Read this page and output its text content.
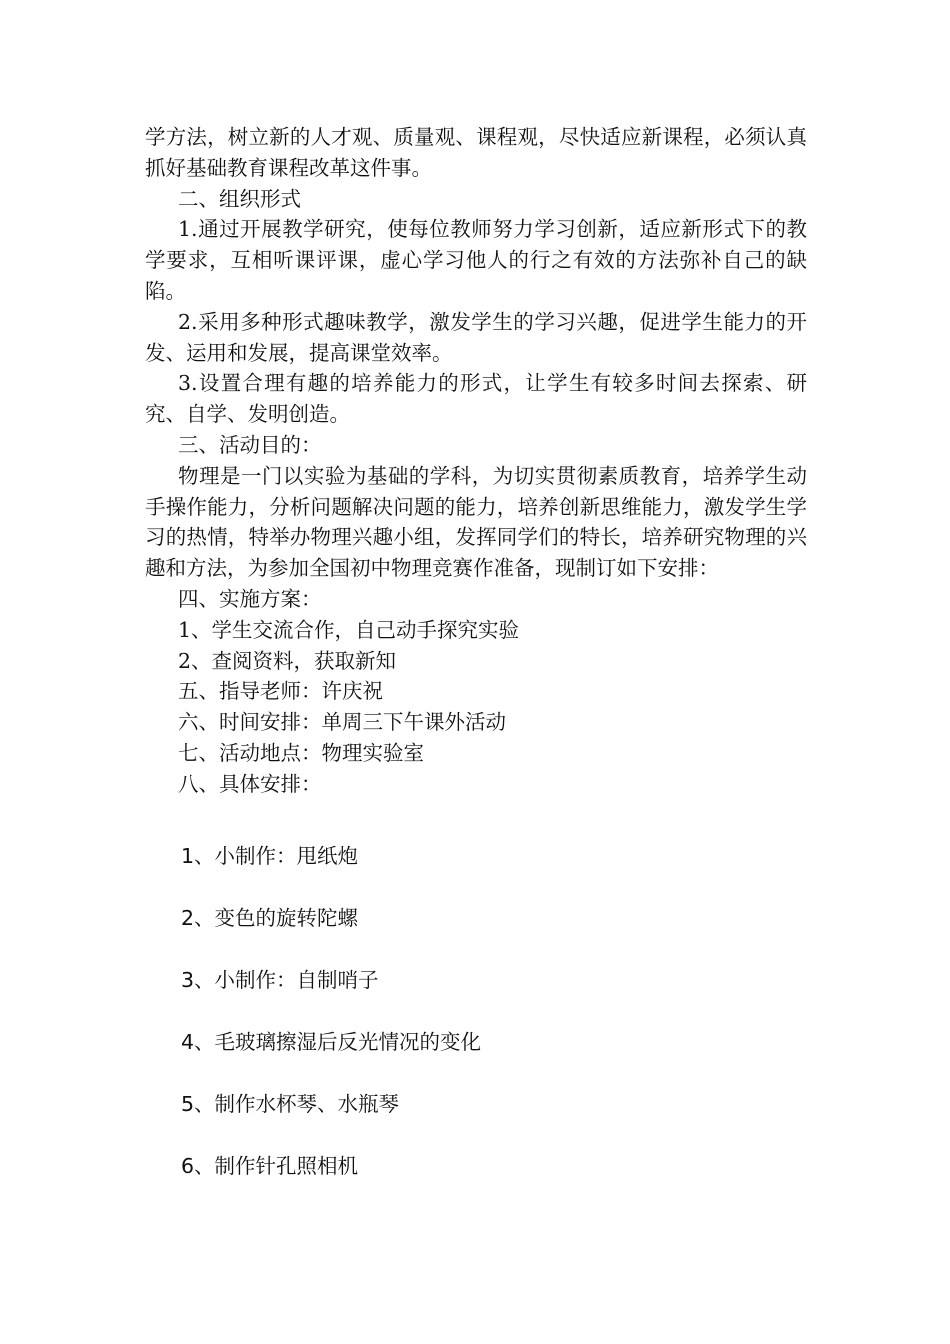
学方法，树立新的人才观、质量观、课程观，尽快适应新课程，必须认真抓好基础教育课程改革这件事。

二、组织形式

1.通过开展教学研究，使每位教师努力学习创新，适应新形式下的教学要求，互相听课评课，虚心学习他人的行之有效的方法弥补自己的缺陷。

2.采用多种形式趣味教学，激发学生的学习兴趣，促进学生能力的开发、运用和发展，提高课堂效率。

3.设置合理有趣的培养能力的形式，让学生有较多时间去探索、研究、自学、发明创造。

三、活动目的：

物理是一门以实验为基础的学科，为切实贯彻素质教育，培养学生动手操作能力，分析问题解决问题的能力，培养创新思维能力，激发学生学习的热情，特举办物理兴趣小组，发挥同学们的特长，培养研究物理的兴趣和方法，为参加全国初中物理竞赛作准备，现制订如下安排：

四、实施方案：

1、学生交流合作，自己动手探究实验

2、查阅资料，获取新知

五、指导老师：许庆祝

六、时间安排：单周三下午课外活动

七、活动地点：物理实验室

八、具体安排：

1、小制作：甩纸炮
2、变色的旋转陀螺
3、小制作：自制哨子
4、毛玻璃擦湿后反光情况的变化
5、制作水杯琴、水瓶琴
6、制作针孔照相机
